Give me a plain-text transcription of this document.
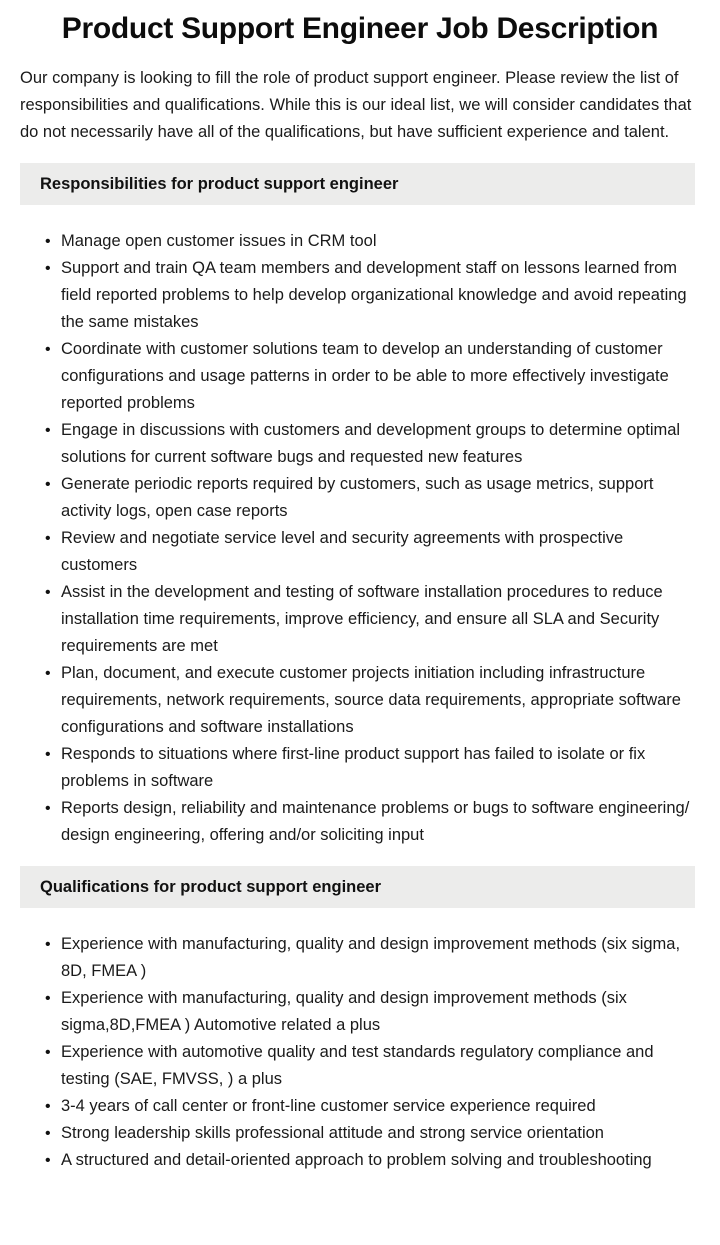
Product Support Engineer Job Description

Our company is looking to fill the role of product support engineer. Please review the list of responsibilities and qualifications. While this is our ideal list, we will consider candidates that do not necessarily have all of the qualifications, but have sufficient experience and talent.

Responsibilities for product support engineer
• Manage open customer issues in CRM tool
• Support and train QA team members and development staff on lessons learned from field reported problems to help develop organizational knowledge and avoid repeating the same mistakes
• Coordinate with customer solutions team to develop an understanding of customer configurations and usage patterns in order to be able to more effectively investigate reported problems
• Engage in discussions with customers and development groups to determine optimal solutions for current software bugs and requested new features
• Generate periodic reports required by customers, such as usage metrics, support activity logs, open case reports
• Review and negotiate service level and security agreements with prospective customers
• Assist in the development and testing of software installation procedures to reduce installation time requirements, improve efficiency, and ensure all SLA and Security requirements are met
• Plan, document, and execute customer projects initiation including infrastructure requirements, network requirements, source data requirements, appropriate software configurations and software installations
• Responds to situations where first-line product support has failed to isolate or fix problems in software
• Reports design, reliability and maintenance problems or bugs to software engineering/ design engineering, offering and/or soliciting input
Qualifications for product support engineer
• Experience with manufacturing, quality and design improvement methods (six sigma, 8D, FMEA )
• Experience with manufacturing, quality and design improvement methods (six sigma,8D,FMEA ) Automotive related a plus
• Experience with automotive quality and test standards regulatory compliance and testing (SAE, FMVSS, ) a plus
• 3-4 years of call center or front-line customer service experience required
• Strong leadership skills professional attitude and strong service orientation
• A structured and detail-oriented approach to problem solving and troubleshooting
